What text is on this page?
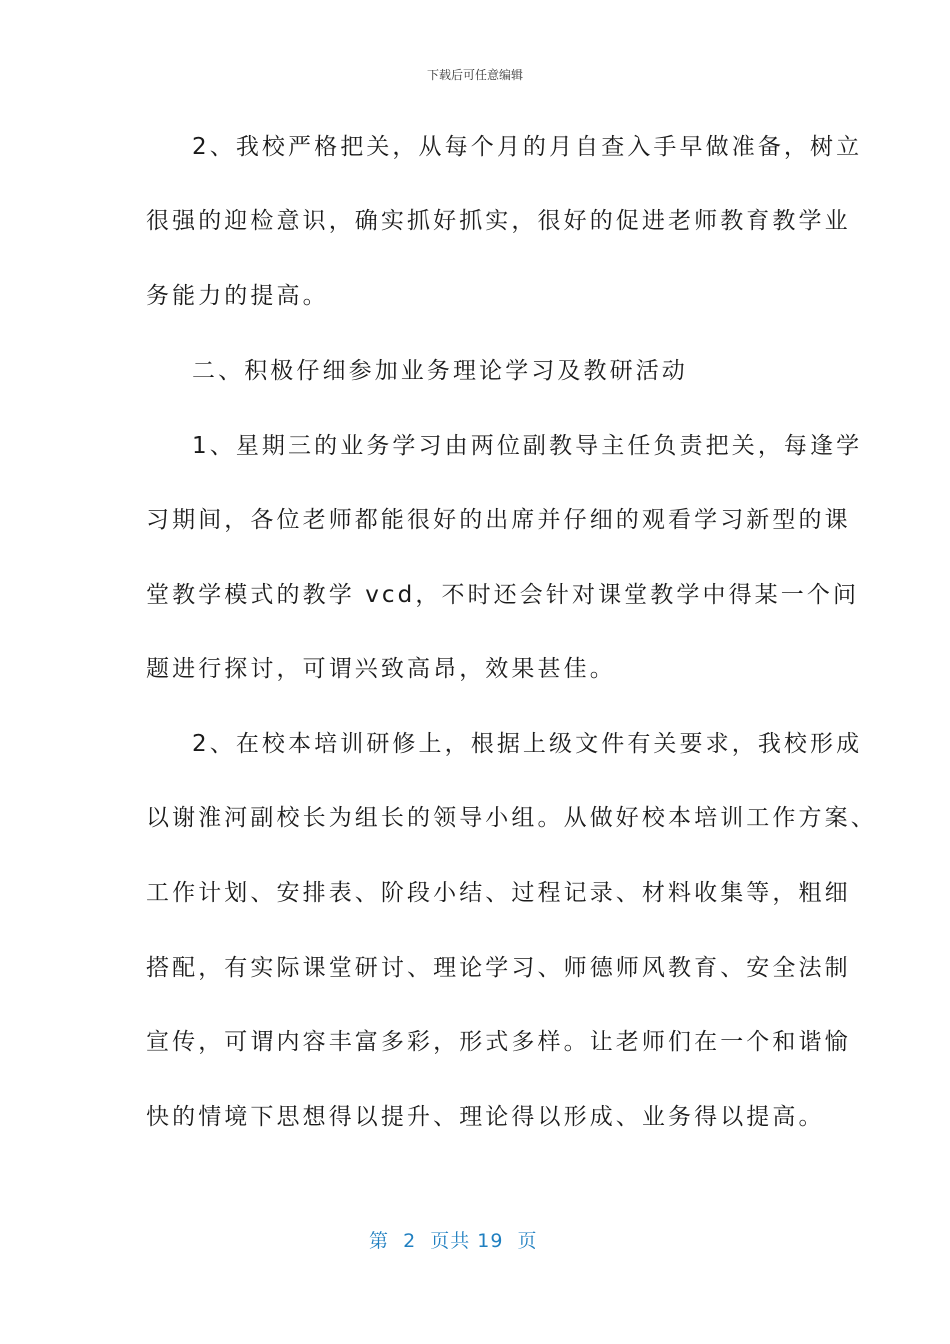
下载后可任意编辑
2、我校严格把关，从每个月的月自查入手早做准备，树立
很强的迎检意识，确实抓好抓实，很好的促进老师教育教学业
务能力的提高。
二、积极仔细参加业务理论学习及教研活动
1、星期三的业务学习由两位副教导主任负责把关，每逢学
习期间，各位老师都能很好的出席并仔细的观看学习新型的课
堂教学模式的教学 vcd，不时还会针对课堂教学中得某一个问
题进行探讨，可谓兴致高昂，效果甚佳。
2、在校本培训研修上，根据上级文件有关要求，我校形成
以谢淮河副校长为组长的领导小组。从做好校本培训工作方案、
工作计划、安排表、阶段小结、过程记录、材料收集等，粗细
搭配，有实际课堂研讨、理论学习、师德师风教育、安全法制
宣传，可谓内容丰富多彩，形式多样。让老师们在一个和谐愉
快的情境下思想得以提升、理论得以形成、业务得以提高。
第  2  页共 19  页
